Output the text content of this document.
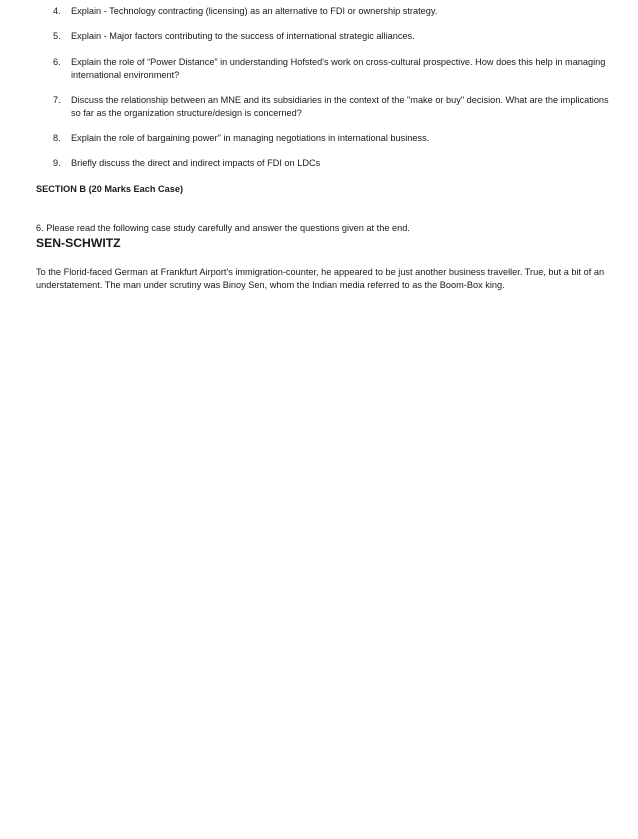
4.	Explain - Technology contracting (licensing) as an alternative to FDI or ownership strategy.
5.	Explain - Major factors contributing to the success of international strategic alliances.
6.	Explain the role of “Power Distance” in understanding Hofsted's work on cross-cultural prospective. How does this help in managing international environment?
7.	Discuss the relationship between an MNE and its subsidiaries in the context of the "make or buy" decision. What are the implications so far as the organization structure/design is concerned?
8.	Explain the role of bargaining power" in managing negotiations in international business.
9.	Briefly discuss the direct and indirect impacts of FDI on LDCs
SECTION B (20 Marks Each Case)
6. Please read the following case study carefully and answer the questions given at the end.
SEN-SCHWITZ
To the Florid-faced German at Frankfurt Airport's immigration-counter, he appeared to be just another business traveller. True, but a bit of an understatement. The man under scrutiny was Binoy Sen, whom the Indian media referred to as the Boom-Box king.
